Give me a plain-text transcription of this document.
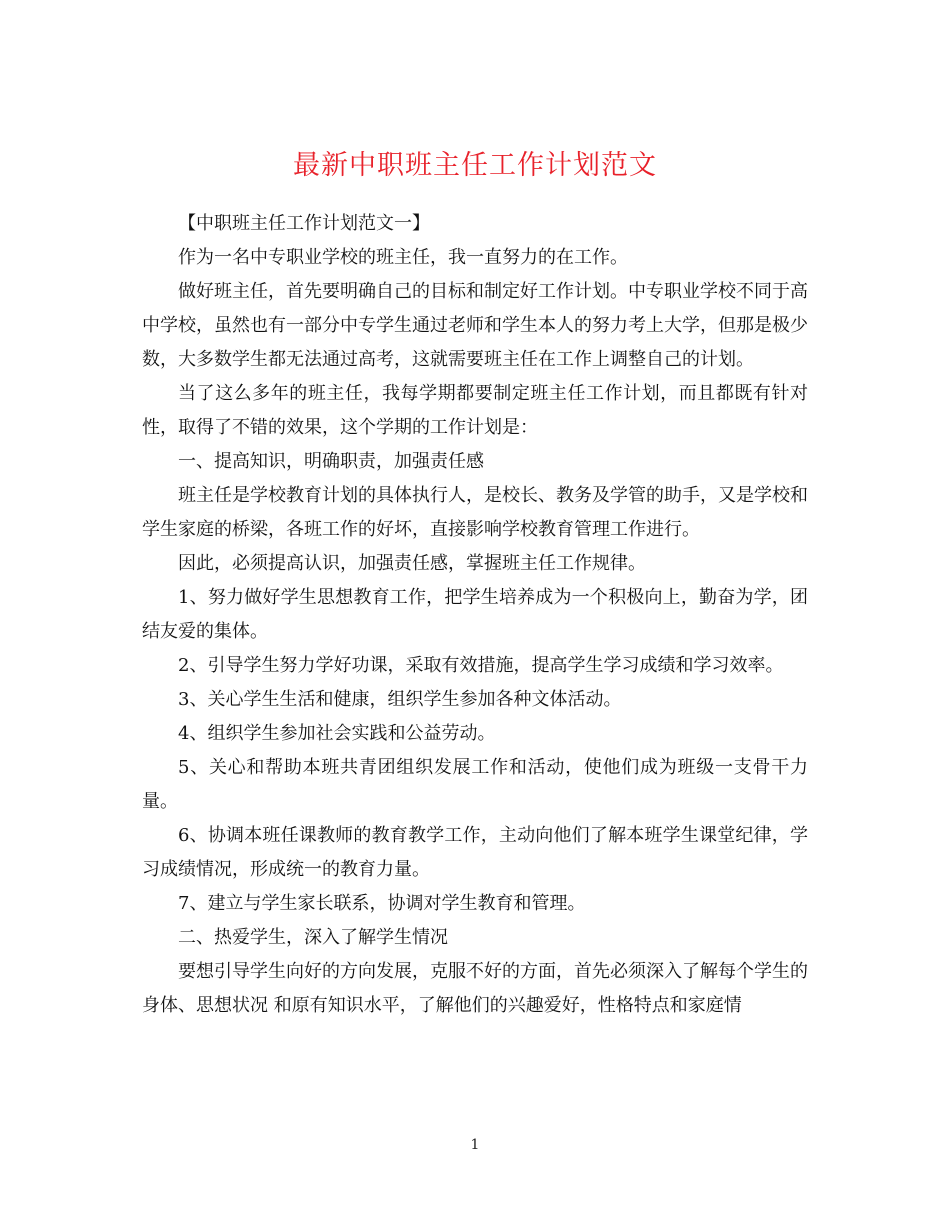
最新中职班主任工作计划范文

【中职班主任工作计划范文一】

作为一名中专职业学校的班主任，我一直努力的在工作。

做好班主任，首先要明确自己的目标和制定好工作计划。中专职业学校不同于高中学校，虽然也有一部分中专学生通过老师和学生本人的努力考上大学，但那是极少数，大多数学生都无法通过高考，这就需要班主任在工作上调整自己的计划。

当了这么多年的班主任，我每学期都要制定班主任工作计划，而且都既有针对性，取得了不错的效果，这个学期的工作计划是：

一、提高知识，明确职责，加强责任感

班主任是学校教育计划的具体执行人，是校长、教务及学管的助手，又是学校和学生家庭的桥梁，各班工作的好坏，直接影响学校教育管理工作进行。

因此，必须提高认识，加强责任感，掌握班主任工作规律。

1、努力做好学生思想教育工作，把学生培养成为一个积极向上，勤奋为学，团结友爱的集体。

2、引导学生努力学好功课，采取有效措施，提高学生学习成绩和学习效率。

3、关心学生生活和健康，组织学生参加各种文体活动。

4、组织学生参加社会实践和公益劳动。

5、关心和帮助本班共青团组织发展工作和活动，使他们成为班级一支骨干力量。

6、协调本班任课教师的教育教学工作，主动向他们了解本班学生课堂纪律，学习成绩情况，形成统一的教育力量。

7、建立与学生家长联系，协调对学生教育和管理。

二、热爱学生，深入了解学生情况

要想引导学生向好的方向发展，克服不好的方面，首先必须深入了解每个学生的身体、思想状况 和原有知识水平，了解他们的兴趣爱好，性格特点和家庭情

1
